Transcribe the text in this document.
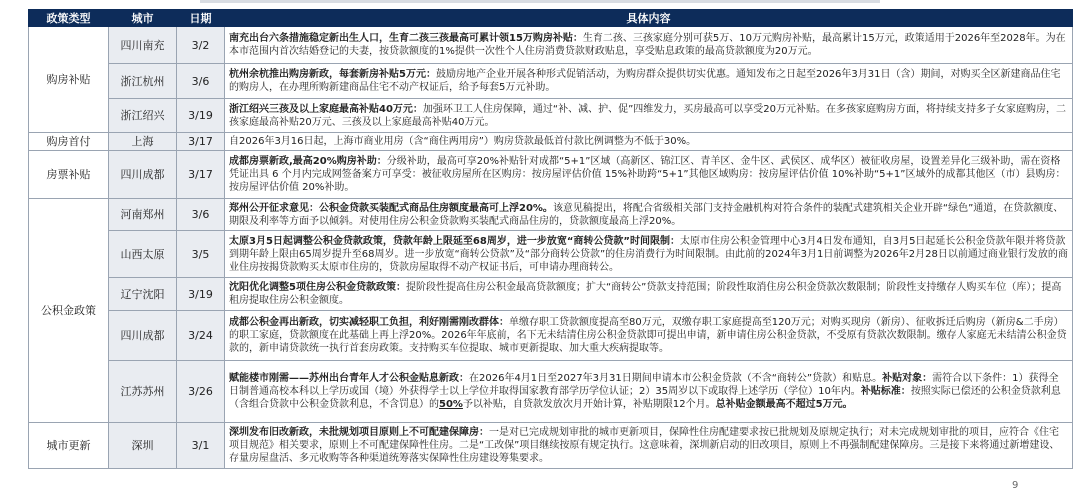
政策类型	城市	日期	具体内容
购房补贴	四川南充	3/2	南充出台六条措施稳定新出生人口，生育二孩三孩最高可累计领15万购房补贴：生育二孩、三孩家庭分别可获5万、10万元购房补贴，最高累计15万元，政策适用于2026年至2028年。为在本市范围内首次结婚登记的夫妻，按贷款额度的1%提供一次性个人住房消费贷款财政贴息，享受贴息政策的最高贷款额度为20万元。
	浙江杭州	3/6	杭州余杭推出购房新政，每套新房补贴5万元：鼓励房地产企业开展各种形式促销活动，为购房群众提供切实优惠。通知发布之日起至2026年3月31日（含）期间，对购买全区新建商品住宅的购房人，在办理所购新建商品住宅不动产权证后，给予每套5万元补助。
	浙江绍兴	3/19	浙江绍兴三孩及以上家庭最高补贴40万元：加强环卫工人住房保障，通过“补、减、护、促”四维发力，买房最高可以享受20万元补贴。在多孩家庭购房方面，将持续支持多子女家庭购房，二孩家庭最高补贴20万元、三孩及以上家庭最高补贴40万元。
购房首付	上海	3/17	自2026年3月16日起，上海市商业用房（含“商住两用房”）购房贷款最低首付款比例调整为不低于30%。
房票补贴	四川成都	3/17	成都房票新政,最高20%购房补助：分级补助，最高可享20%补贴针对成都“5+1”区域（高新区、锦江区、青羊区、金牛区、武侯区、成华区）被征收房屋，设置差异化三级补助，需在资格凭证出具 6 个月内完成网签备案方可享受：被征收房屋所在区购房：按房屋评估价值 15%补助跨“5+1”其他区域购房：按房屋评估价值 10%补助“5+1”区域外的成都其他区（市）县购房：按房屋评估价值 20%补助。
公积金政策	河南郑州	3/6	郑州公开征求意见：公积金贷款买装配式商品住房额度最高可上浮20%。该意见稿提出，将配合省级相关部门支持金融机构对符合条件的装配式建筑相关企业开辟“绿色”通道，在贷款额度、期限及利率等方面予以倾斜。对使用住房公积金贷款购买装配式商品住房的，贷款额度最高上浮20%。
	山西太原	3/5	太原3月5日起调整公积金贷款政策，贷款年龄上限延至68周岁，进一步放宽“商转公贷款”时间限制：太原市住房公积金管理中心3月4日发布通知，自3月5日起延长公积金贷款年限并将贷款到期年龄上限由65周岁提升至68周岁。进一步放宽“商转公贷款”及“部分商转公贷款”的住房消费行为时间限制。由此前的2024年3月1日前调整为2026年2月28日以前通过商业银行发放的商业住房按揭贷款购买太原市住房的，贷款房屋取得不动产权证书后，可申请办理商转公。
	辽宁沈阳	3/19	沈阳优化调整5项住房公积金贷款政策：提阶段性提高住房公积金最高贷款额度；扩大“商转公”贷款支持范围；阶段性取消住房公积金贷款次数限制；阶段性支持缴存人购买车位（库）；提高租房提取住房公积金额度。
	四川成都	3/24	成都公积金再出新政，切实减轻职工负担，利好刚需刚改群体：单缴存职工贷款额度提高至80万元，双缴存职工家庭提高至120万元；对购买现房（新房）、征收拆迁后购房（新房&二手房）的职工家庭，贷款额度在此基础上再上浮20%。2026年年底前，名下无未结清住房公积金贷款即可提出申请，新申请住房公积金贷款，不受原有贷款次数限制。缴存人家庭无未结清公积金贷款的，新申请贷款统一执行首套房政策。支持购买车位提取、城市更新提取、加大重大疾病提取等。
	江苏苏州	3/26	赋能楼市刚需——苏州出台青年人才公积金贴息新政：在2026年4月1日至2027年3月31日期间申请本市公积金贷款（不含“商转公”贷款）和贴息。补贴对象：需符合以下条件：1）获得全日制普通高校本科以上学历或国（境）外获得学士以上学位并取得国家教育部学历学位认证；2）35周岁以下或取得上述学历（学位）10年内。补贴标准：按照实际已偿还的公积金贷款利息（含组合贷款中公积金贷款利息，不含罚息）的50%予以补贴，自贷款发放次月开始计算，补贴期限12个月。总补贴金额最高不超过5万元。
城市更新	深圳	3/1	深圳发布旧改新政，未批规划项目原则上不可配建保障房：一是对已完成规划审批的城市更新项目，保障性住房配建要求按已批规划及原规定执行；对未完成规划审批的项目，应符合《住宅项目规范》相关要求，原则上不可配建保障性住房。二是“工改保”项目继续按原有规定执行。这意味着，深圳新启动的旧改项目，原则上不再强制配建保障房。三是接下来将通过新增建设、存量房屋盘活、多元收购等各种渠道统筹落实保障性住房建设筹集要求。
9
